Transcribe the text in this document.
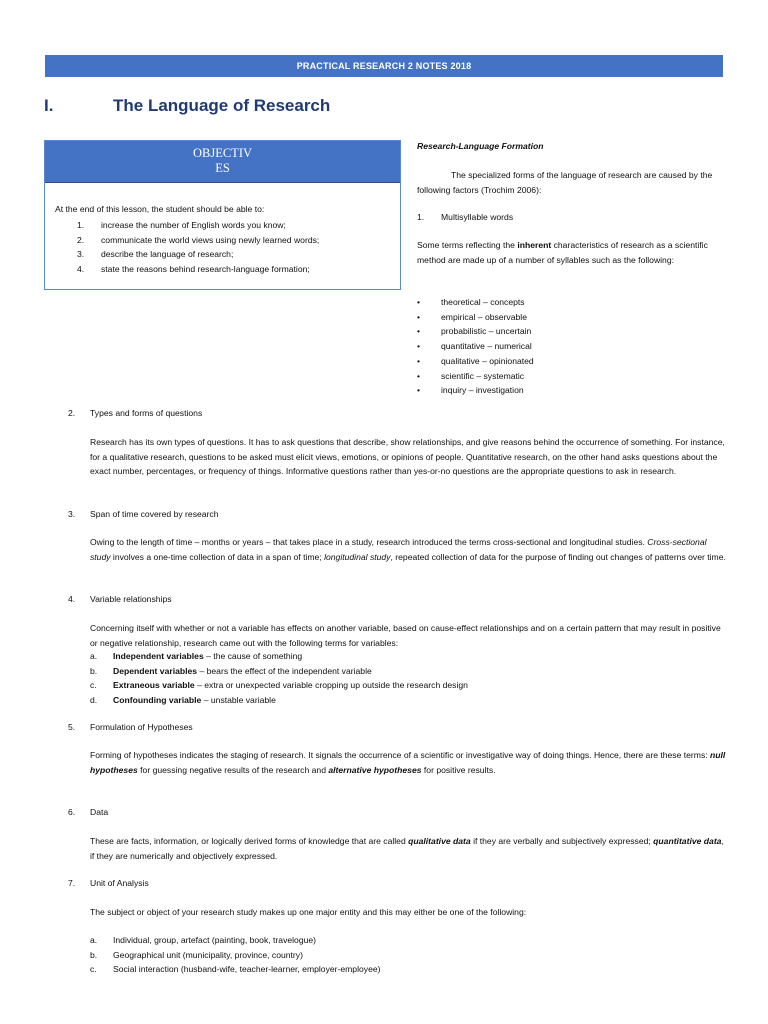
PRACTICAL RESEARCH 2 NOTES 2018
I.	The Language of Research
OBJECTIV
ES
At the end of this lesson, the student should be able to:
1.	increase the number of English words you know;
2.	communicate the world views using newly learned words;
3.	describe the language of research;
4.	state the reasons behind research-language formation;
Research-Language Formation
The specialized forms of the language of research are caused by the following factors (Trochim 2006):
1.	Multisyllable words
Some terms reflecting the inherent characteristics of research as a scientific method are made up of a number of syllables such as the following:
•	theoretical – concepts
•	empirical – observable
•	probabilistic – uncertain
•	quantitative – numerical
•	qualitative – opinionated
•	scientific – systematic
•	inquiry – investigation
2.	Types and forms of questions
Research has its own types of questions. It has to ask questions that describe, show relationships, and give reasons behind the occurrence of something. For instance, for a qualitative research, questions to be asked must elicit views, emotions, or opinions of people. Quantitative research, on the other hand asks questions about the exact number, percentages, or frequency of things. Informative questions rather than yes-or-no questions are the appropriate questions to ask in research.
3.	Span of time covered by research
Owing to the length of time – months or years – that takes place in a study, research introduced the terms cross-sectional and longitudinal studies. Cross-sectional study involves a one-time collection of data in a span of time; longitudinal study, repeated collection of data for the purpose of finding out changes of patterns over time.
4.	Variable relationships
Concerning itself with whether or not a variable has effects on another variable, based on cause-effect relationships and on a certain pattern that may result in positive or negative relationship, research came out with the following terms for variables:
a.	Independent variables – the cause of something
b.	Dependent variables – bears the effect of the independent variable
c.	Extraneous variable – extra or unexpected variable cropping up outside the research design
d.	Confounding variable – unstable variable
5.	Formulation of Hypotheses
Forming of hypotheses indicates the staging of research. It signals the occurrence of a scientific or investigative way of doing things. Hence, there are these terms: null hypotheses for guessing negative results of the research and alternative hypotheses for positive results.
6.	Data
These are facts, information, or logically derived forms of knowledge that are called qualitative data if they are verbally and subjectively expressed; quantitative data, if they are numerically and objectively expressed.
7.	Unit of Analysis
The subject or object of your research study makes up one major entity and this may either be one of the following:
a.	Individual, group, artefact (painting, book, travelogue)
b.	Geographical unit (municipality, province, country)
c.	Social interaction (husband-wife, teacher-learner, employer-employee)
